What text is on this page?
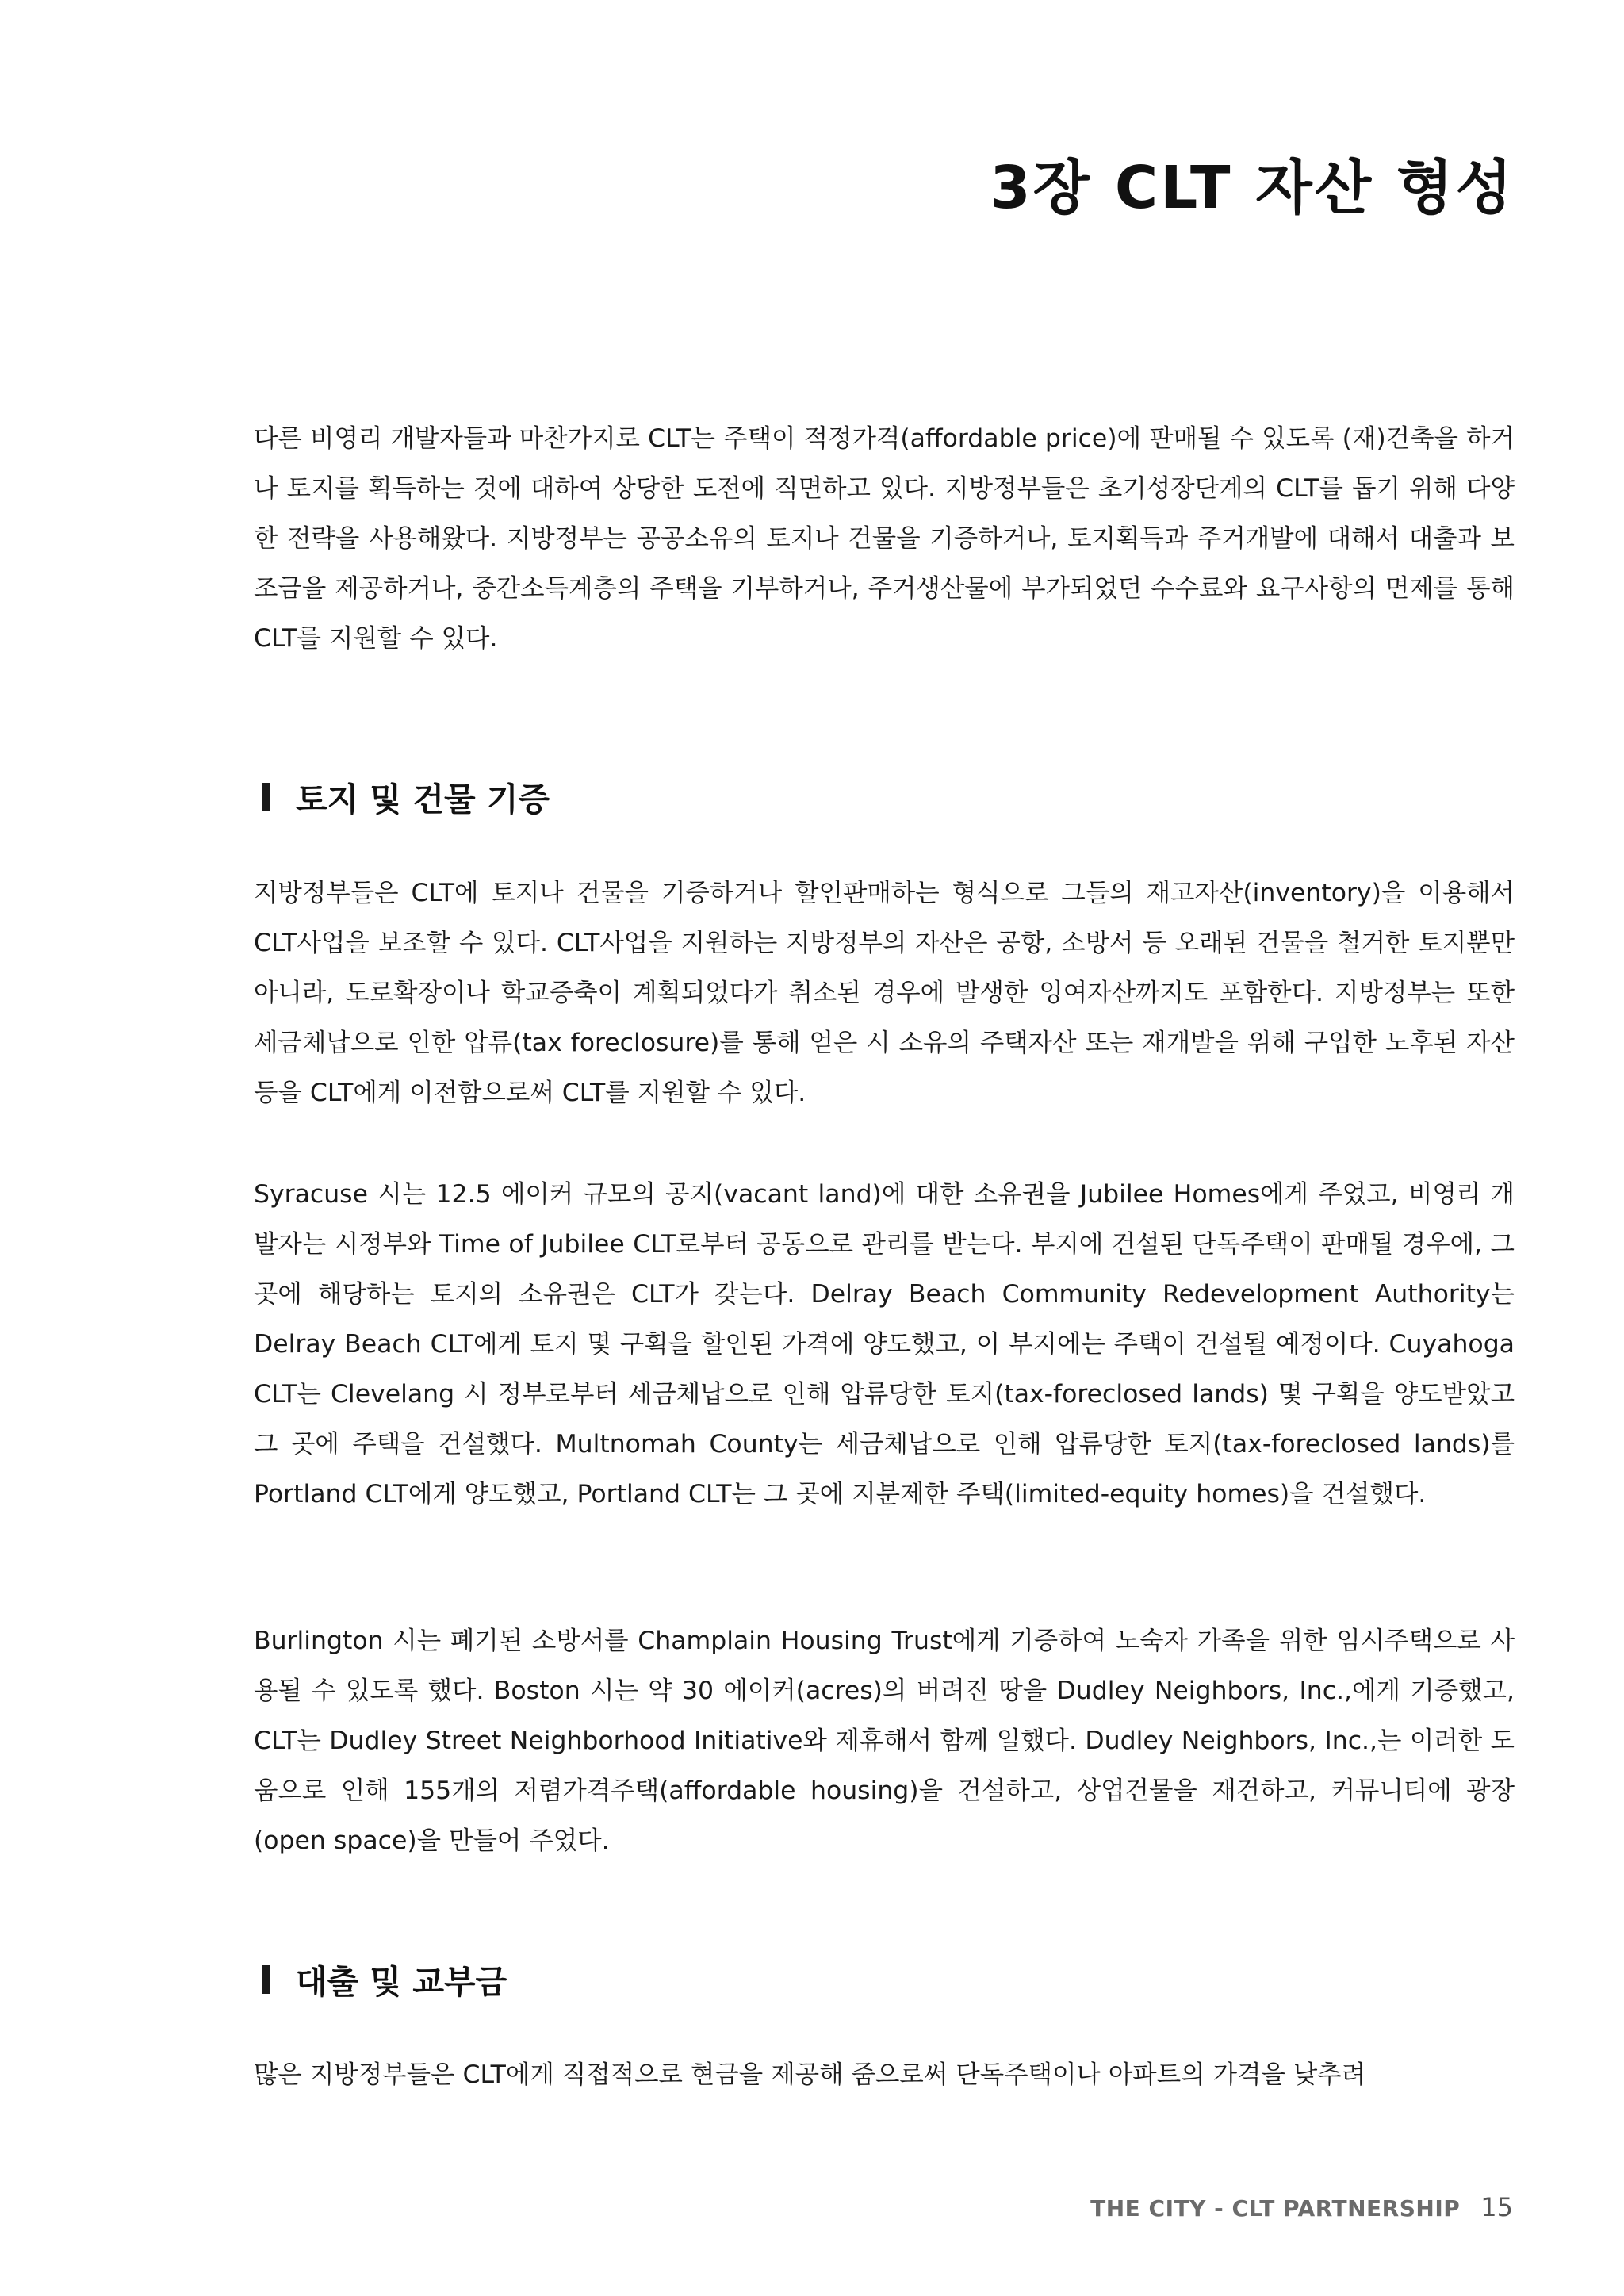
3장 CLT 자산 형성

다른 비영리 개발자들과 마찬가지로 CLT는 주택이 적정가격(affordable price)에 판매될 수 있도록 (재)건축을 하거나 토지를 획득하는 것에 대하여 상당한 도전에 직면하고 있다. 지방정부들은 초기성장단계의 CLT를 돕기 위해 다양한 전략을 사용해왔다. 지방정부는 공공소유의 토지나 건물을 기증하거나, 토지획득과 주거개발에 대해서 대출과 보조금을 제공하거나, 중간소득계층의 주택을 기부하거나, 주거생산물에 부가되었던 수수료와 요구사항의 면제를 통해 CLT를 지원할 수 있다.

토지 및 건물 기증

지방정부들은 CLT에 토지나 건물을 기증하거나 할인판매하는 형식으로 그들의 재고자산(inventory)을 이용해서 CLT사업을 보조할 수 있다. CLT사업을 지원하는 지방정부의 자산은 공항, 소방서 등 오래된 건물을 철거한 토지뿐만 아니라, 도로확장이나 학교증축이 계획되었다가 취소된 경우에 발생한 잉여자산까지도 포함한다. 지방정부는 또한 세금체납으로 인한 압류(tax foreclosure)를 통해 얻은 시 소유의 주택자산 또는 재개발을 위해 구입한 노후된 자산 등을 CLT에게 이전함으로써 CLT를 지원할 수 있다.

Syracuse 시는 12.5 에이커 규모의 공지(vacant land)에 대한 소유권을 Jubilee Homes에게 주었고, 비영리 개발자는 시정부와 Time of Jubilee CLT로부터 공동으로 관리를 받는다. 부지에 건설된 단독주택이 판매될 경우에, 그 곳에 해당하는 토지의 소유권은 CLT가 갖는다. Delray Beach Community Redevelopment Authority는 Delray Beach CLT에게 토지 몇 구획을 할인된 가격에 양도했고, 이 부지에는 주택이 건설될 예정이다. Cuyahoga CLT는 Clevelang 시 정부로부터 세금체납으로 인해 압류당한 토지(tax-foreclosed lands) 몇 구획을 양도받았고 그 곳에 주택을 건설했다. Multnomah County는 세금체납으로 인해 압류당한 토지(tax-foreclosed lands)를 Portland CLT에게 양도했고, Portland CLT는 그 곳에 지분제한 주택(limited-equity homes)을 건설했다.

Burlington 시는 폐기된 소방서를 Champlain Housing Trust에게 기증하여 노숙자 가족을 위한 임시주택으로 사용될 수 있도록 했다. Boston 시는 약 30 에이커(acres)의 버려진 땅을 Dudley Neighbors, Inc.,에게 기증했고, CLT는 Dudley Street Neighborhood Initiative와 제휴해서 함께 일했다. Dudley Neighbors, Inc.,는 이러한 도움으로 인해 155개의 저렴가격주택(affordable housing)을 건설하고, 상업건물을 재건하고, 커뮤니티에 광장(open space)을 만들어 주었다.

대출 및 교부금

많은 지방정부들은 CLT에게 직접적으로 현금을 제공해 줌으로써 단독주택이나 아파트의 가격을 낮추려

THE CITY - CLT PARTNERSHIP 15
